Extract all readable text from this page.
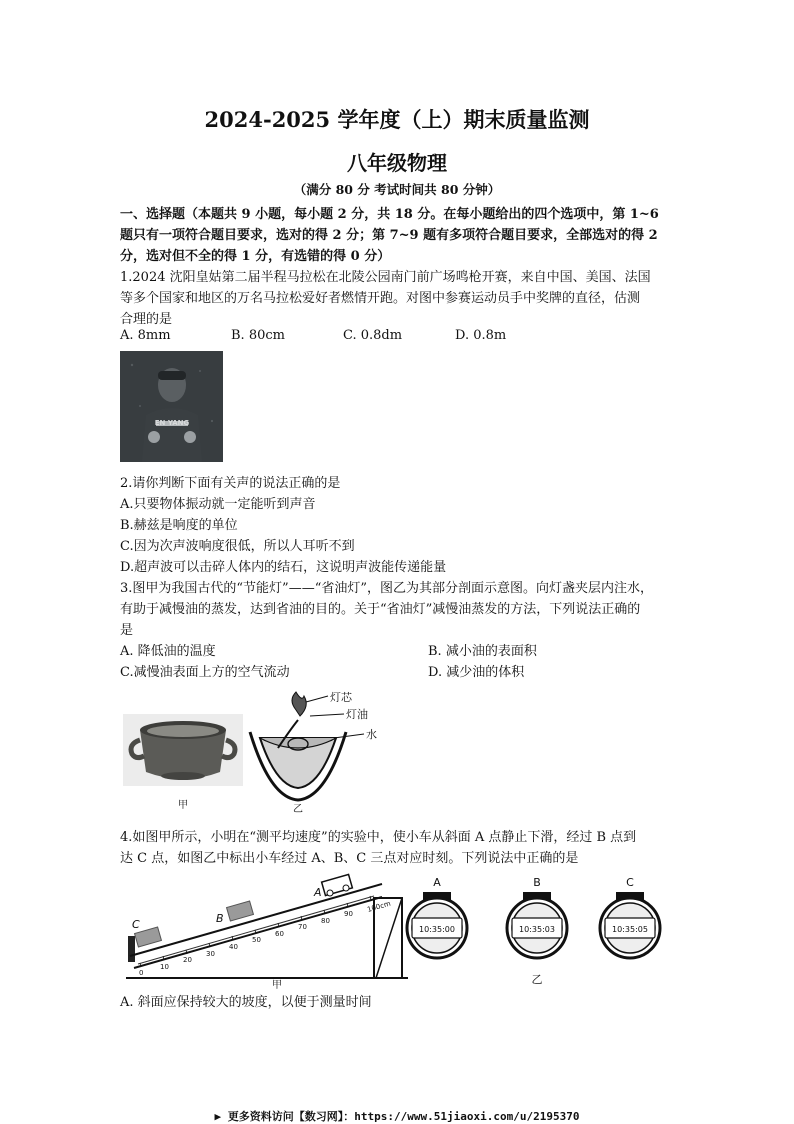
2024-2025 学年度（上）期末质量监测
八年级物理
（满分 80 分 考试时间共 80 分钟）
一、选择题（本题共 9 小题，每小题 2 分，共 18 分。在每小题给出的四个选项中，第 1~6
题只有一项符合题目要求，选对的得 2 分；第 7~9 题有多项符合题目要求，全部选对的得 2
分，选对但不全的得 1 分，有选错的得 0 分）
1.2024 沈阳皇姑第二届半程马拉松在北陵公园南门前广场鸣枪开赛，来自中国、美国、法国
等多个国家和地区的万名马拉松爱好者燃情开跑。对图中参赛运动员手中奖牌的直径，估测
合理的是
A. 8mm	B. 80cm	C. 0.8dm	D. 0.8m
EN YANG
2.请你判断下面有关声的说法正确的是
A.只要物体振动就一定能听到声音
B.赫兹是响度的单位
C.因为次声波响度很低，所以人耳听不到
D.超声波可以击碎人体内的结石，这说明声波能传递能量
3.图甲为我国古代的“节能灯”——“省油灯”，图乙为其部分剖面示意图。向灯盏夹层内注水，
有助于减慢油的蒸发，达到省油的目的。关于“省油灯”减慢油蒸发的方法，下列说法正确的
是
A. 降低油的温度	B. 减小油的表面积
C.减慢油表面上方的空气流动	D. 减少油的体积
甲
灯芯
灯油
水
乙
4.如图甲所示，小明在“测平均速度”的实验中，使小车从斜面 A 点静止下滑，经过 B 点到
达 C 点，如图乙中标出小车经过 A、B、C 三点对应时刻。下列说法中正确的是
0
10
20
30
40
50
60
70
80
90
100cm
C	B
A
甲
A
10:35:00
B
10:35:03
C
10:35:05
乙
A. 斜面应保持较大的坡度，以便于测量时间
▶ 更多资料访问【数习网】：https://www.51jiaoxi.com/u/2195370
